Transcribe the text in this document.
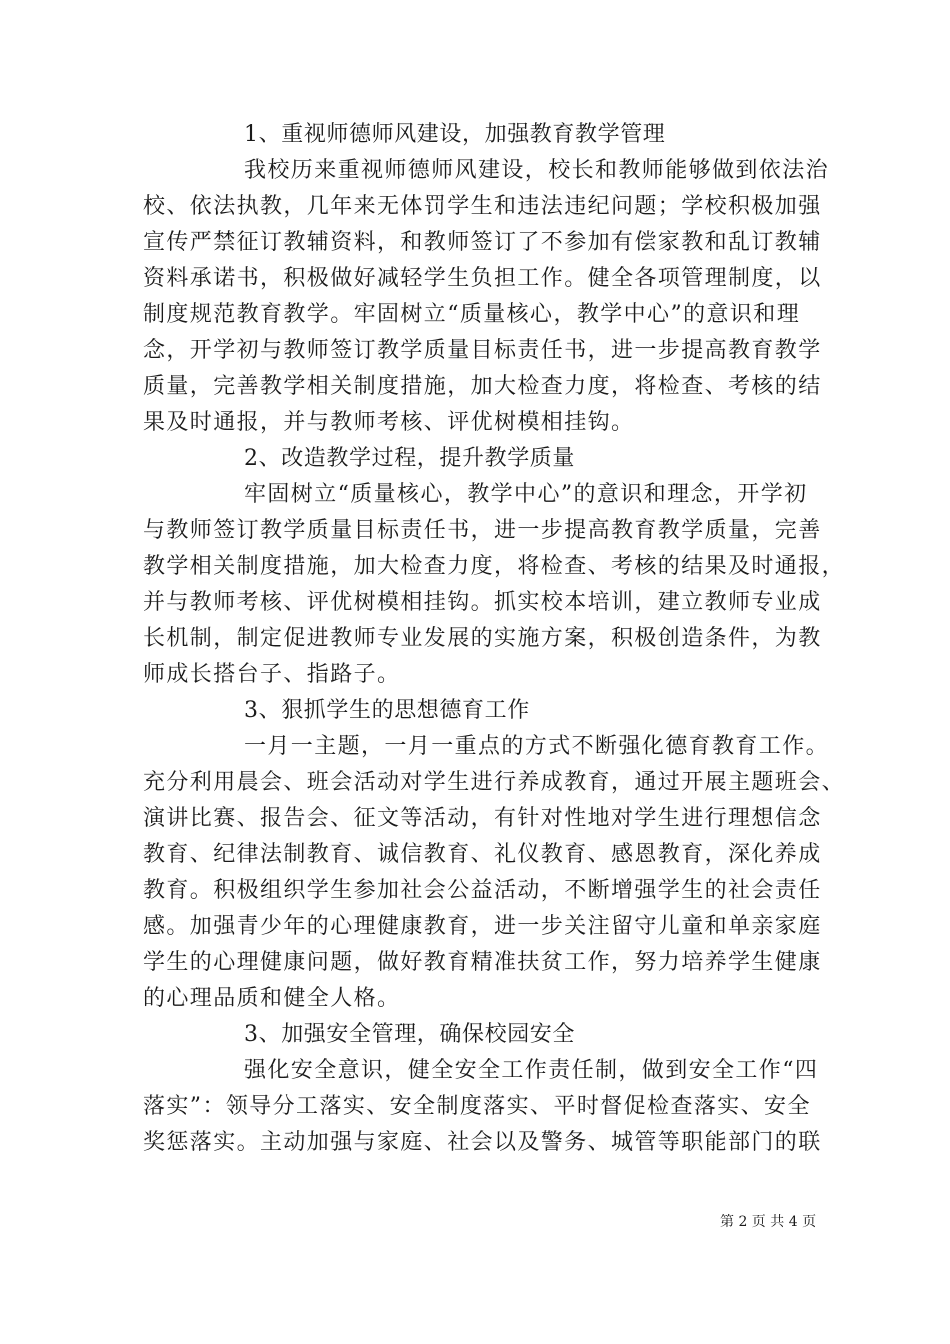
1、重视师德师风建设，加强教育教学管理
我校历来重视师德师风建设，校长和教师能够做到依法治
校、依法执教，几年来无体罚学生和违法违纪问题；学校积极加强
宣传严禁征订教辅资料，和教师签订了不参加有偿家教和乱订教辅
资料承诺书，积极做好减轻学生负担工作。健全各项管理制度，以
制度规范教育教学。牢固树立“质量核心，教学中心”的意识和理
念，开学初与教师签订教学质量目标责任书，进一步提高教育教学
质量，完善教学相关制度措施，加大检查力度，将检查、考核的结
果及时通报，并与教师考核、评优树模相挂钩。
2、改造教学过程，提升教学质量
牢固树立“质量核心，教学中心”的意识和理念，开学初
与教师签订教学质量目标责任书，进一步提高教育教学质量，完善
教学相关制度措施，加大检查力度，将检查、考核的结果及时通报，
并与教师考核、评优树模相挂钩。抓实校本培训，建立教师专业成
长机制，制定促进教师专业发展的实施方案，积极创造条件，为教
师成长搭台子、指路子。
3、狠抓学生的思想德育工作
一月一主题，一月一重点的方式不断强化德育教育工作。
充分利用晨会、班会活动对学生进行养成教育，通过开展主题班会、
演讲比赛、报告会、征文等活动，有针对性地对学生进行理想信念
教育、纪律法制教育、诚信教育、礼仪教育、感恩教育，深化养成
教育。积极组织学生参加社会公益活动，不断增强学生的社会责任
感。加强青少年的心理健康教育，进一步关注留守儿童和单亲家庭
学生的心理健康问题，做好教育精准扶贫工作，努力培养学生健康
的心理品质和健全人格。
3、加强安全管理，确保校园安全
强化安全意识，健全安全工作责任制，做到安全工作“四
落实”：领导分工落实、安全制度落实、平时督促检查落实、安全
奖惩落实。主动加强与家庭、社会以及警务、城管等职能部门的联
第 2 页 共 4 页
